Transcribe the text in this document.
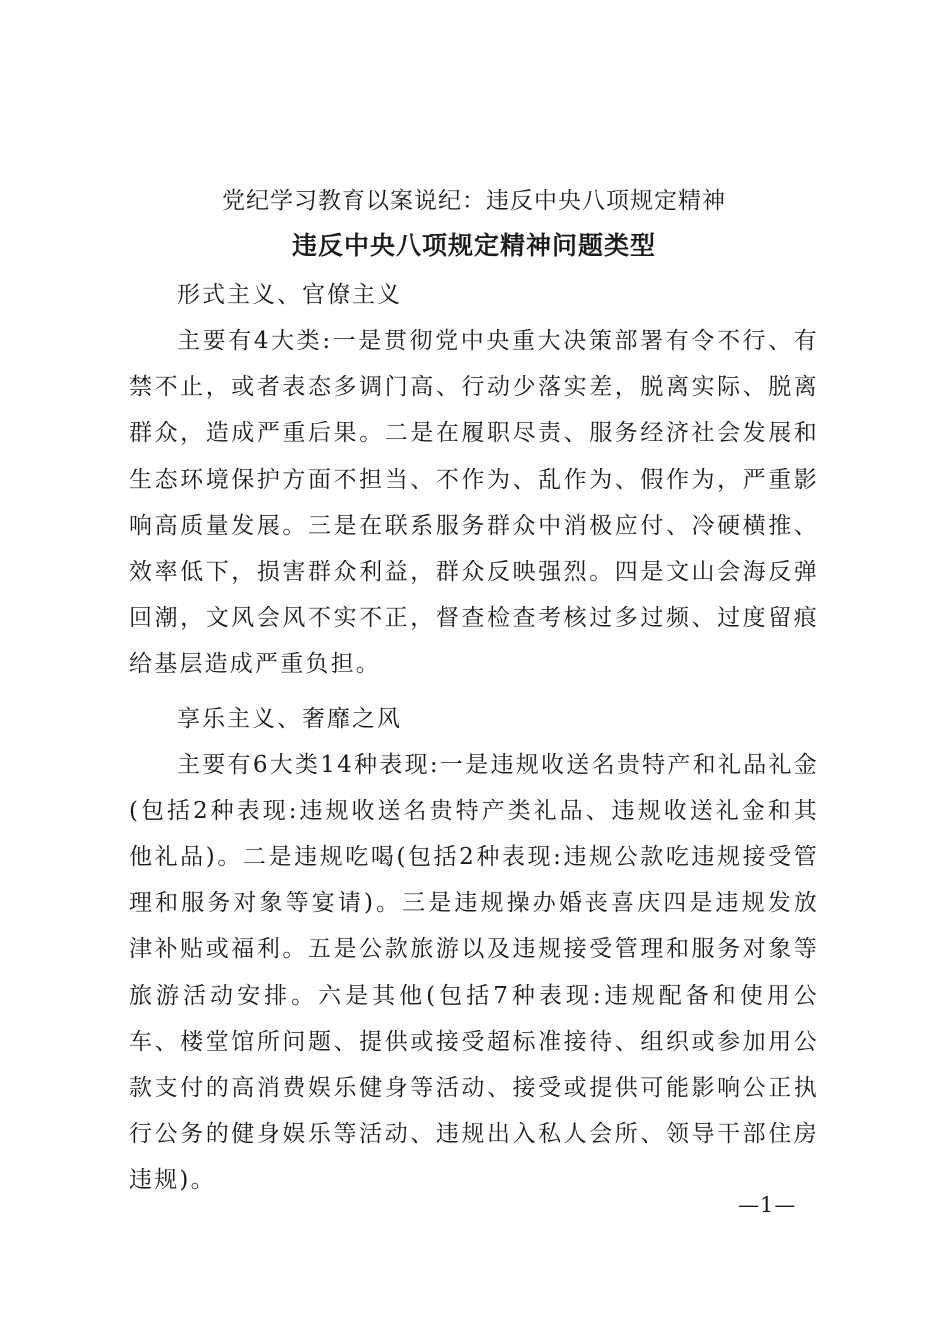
党纪学习教育以案说纪：违反中央八项规定精神

违反中央八项规定精神问题类型

形式主义、官僚主义

主要有4大类:一是贯彻党中央重大决策部署有令不行、有禁不止，或者表态多调门高、行动少落实差，脱离实际、脱离群众，造成严重后果。二是在履职尽责、服务经济社会发展和生态环境保护方面不担当、不作为、乱作为、假作为，严重影响高质量发展。三是在联系服务群众中消极应付、冷硬横推、效率低下，损害群众利益，群众反映强烈。四是文山会海反弹回潮，文风会风不实不正，督查检查考核过多过频、过度留痕给基层造成严重负担。

享乐主义、奢靡之风

主要有6大类14种表现:一是违规收送名贵特产和礼品礼金(包括2种表现:违规收送名贵特产类礼品、违规收送礼金和其他礼品)。二是违规吃喝(包括2种表现:违规公款吃违规接受管理和服务对象等宴请)。三是违规操办婚丧喜庆四是违规发放津补贴或福利。五是公款旅游以及违规接受管理和服务对象等旅游活动安排。六是其他(包括7种表现:违规配备和使用公车、楼堂馆所问题、提供或接受超标准接待、组织或参加用公款支付的高消费娱乐健身等活动、接受或提供可能影响公正执行公务的健身娱乐等活动、违规出入私人会所、领导干部住房违规)。

—1—
